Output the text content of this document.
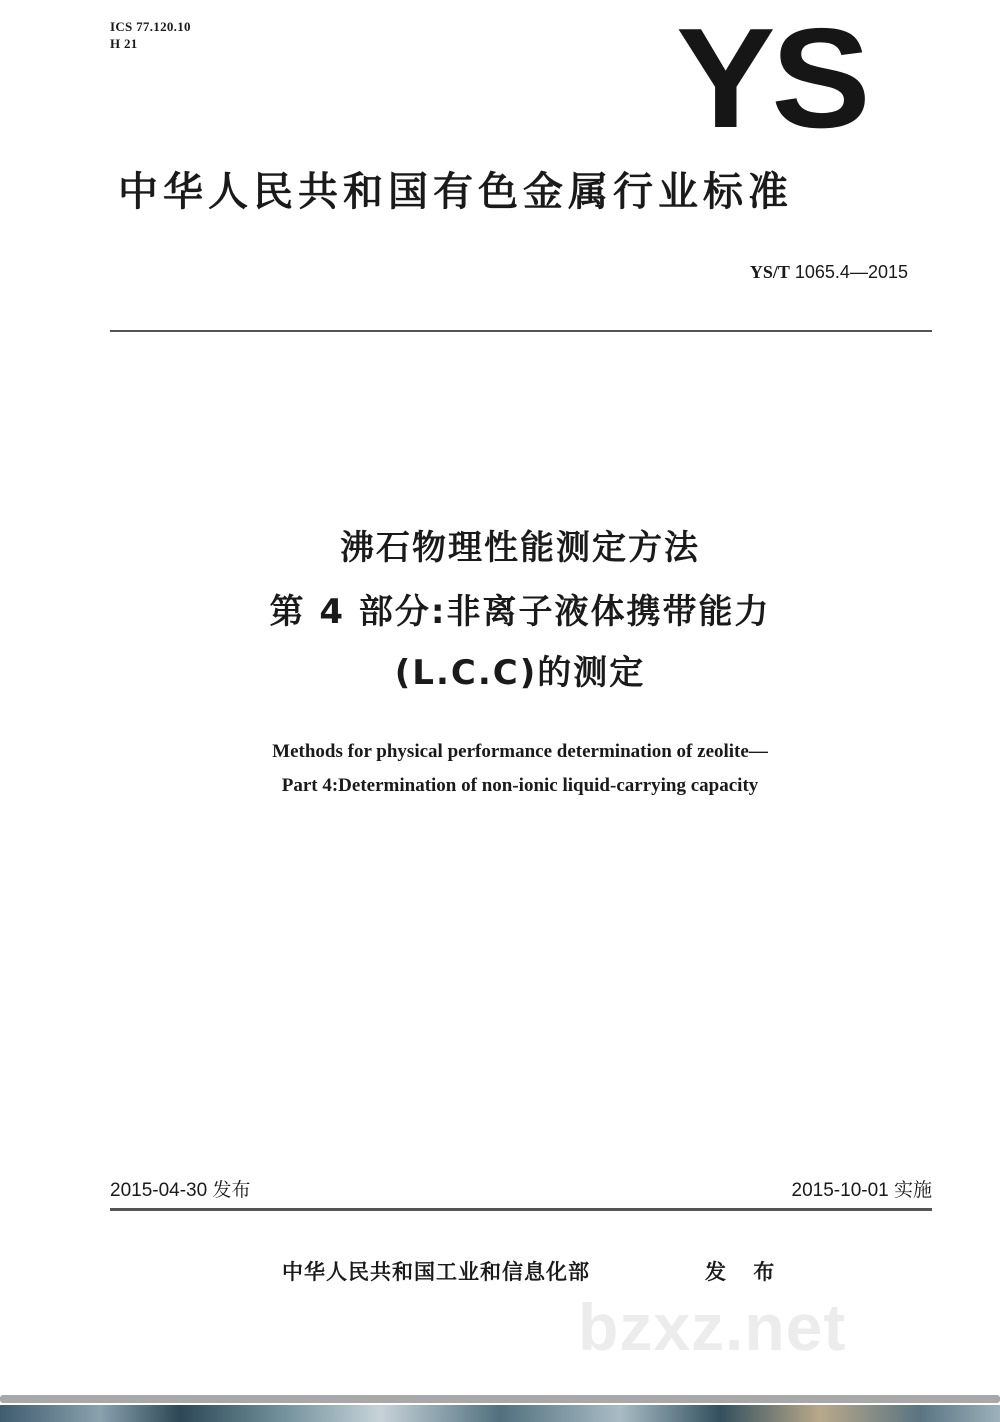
ICS 77.120.10
H 21	YS
中华人民共和国有色金属行业标准
YS/T 1065.4—2015
沸石物理性能测定方法
第 4 部分:非离子液体携带能力
(L.C.C)的测定
Methods for physical performance determination of zeolite—
Part 4:Determination of non-ionic liquid-carrying capacity
2015-04-30 发布	2015-10-01 实施
中华人民共和国工业和信息化部	发 布
bzxz.net
